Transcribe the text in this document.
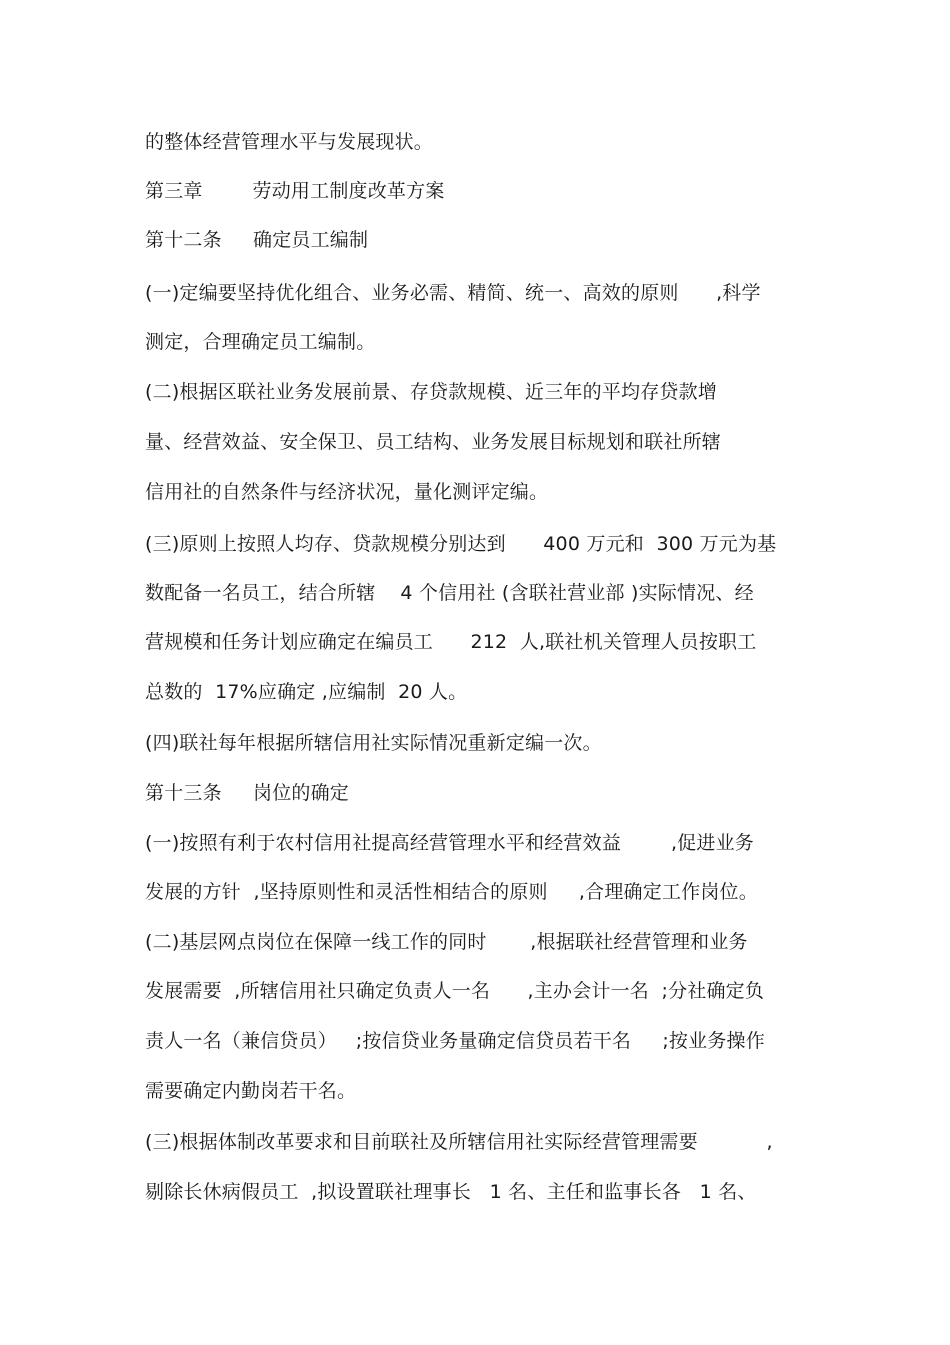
的整体经营管理水平与发展现状。
第三章        劳动用工制度改革方案
第十二条     确定员工编制
(一)定编要坚持优化组合、业务必需、精简、统一、高效的原则      ,科学
测定，合理确定员工编制。
(二)根据区联社业务发展前景、存贷款规模、近三年的平均存贷款增
量、经营效益、安全保卫、员工结构、业务发展目标规划和联社所辖
信用社的自然条件与经济状况，量化测评定编。
(三)原则上按照人均存、贷款规模分别达到      400 万元和  300 万元为基
数配备一名员工，结合所辖    4 个信用社 (含联社营业部 )实际情况、经
营规模和任务计划应确定在编员工      212  人,联社机关管理人员按职工
总数的  17%应确定 ,应编制  20 人。
(四)联社每年根据所辖信用社实际情况重新定编一次。
第十三条     岗位的确定
(一)按照有利于农村信用社提高经营管理水平和经营效益        ,促进业务
发展的方针  ,坚持原则性和灵活性相结合的原则     ,合理确定工作岗位。
(二)基层网点岗位在保障一线工作的同时       ,根据联社经营管理和业务
发展需要  ,所辖信用社只确定负责人一名      ,主办会计一名  ;分社确定负
责人一名（兼信贷员）   ;按信贷业务量确定信贷员若干名     ;按业务操作
需要确定内勤岗若干名。
(三)根据体制改革要求和目前联社及所辖信用社实际经营管理需要           ,
剔除长休病假员工  ,拟设置联社理事长   1 名、主任和监事长各   1 名、
